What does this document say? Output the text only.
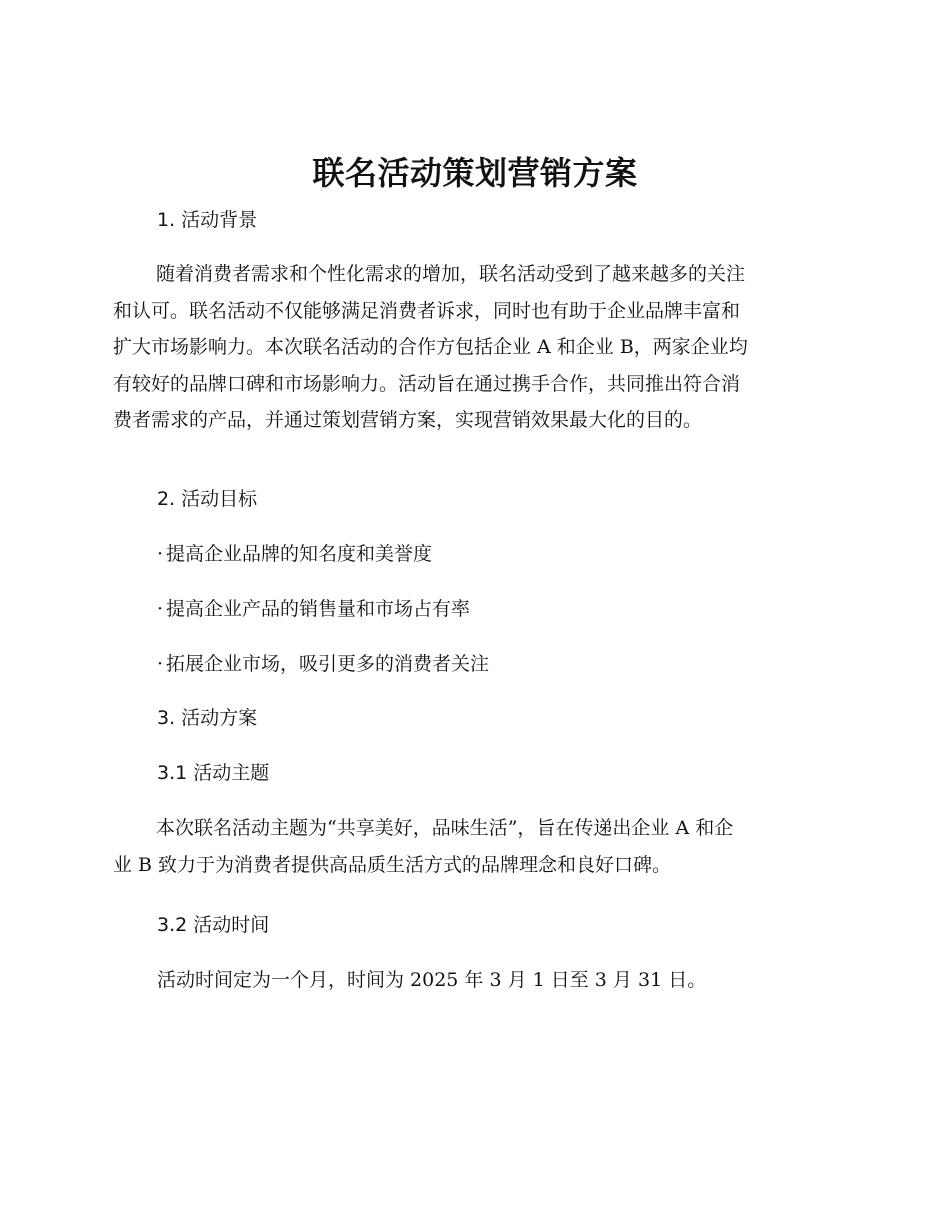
联名活动策划营销方案
1. 活动背景
随着消费者需求和个性化需求的增加，联名活动受到了越来越多的关注
和认可。联名活动不仅能够满足消费者诉求，同时也有助于企业品牌丰富和
扩大市场影响力。本次联名活动的合作方包括企业 A 和企业 B，两家企业均
有较好的品牌口碑和市场影响力。活动旨在通过携手合作，共同推出符合消
费者需求的产品，并通过策划营销方案，实现营销效果最大化的目的。
2. 活动目标

· 提高企业品牌的知名度和美誉度

· 提高企业产品的销售量和市场占有率

· 拓展企业市场，吸引更多的消费者关注

3. 活动方案
3.1 活动主题
本次联名活动主题为“共享美好，品味生活”，旨在传递出企业 A 和企
业 B 致力于为消费者提供高品质生活方式的品牌理念和良好口碑。
3.2 活动时间

活动时间定为一个月，时间为 2025 年 3 月 1 日至 3 月 31 日。
